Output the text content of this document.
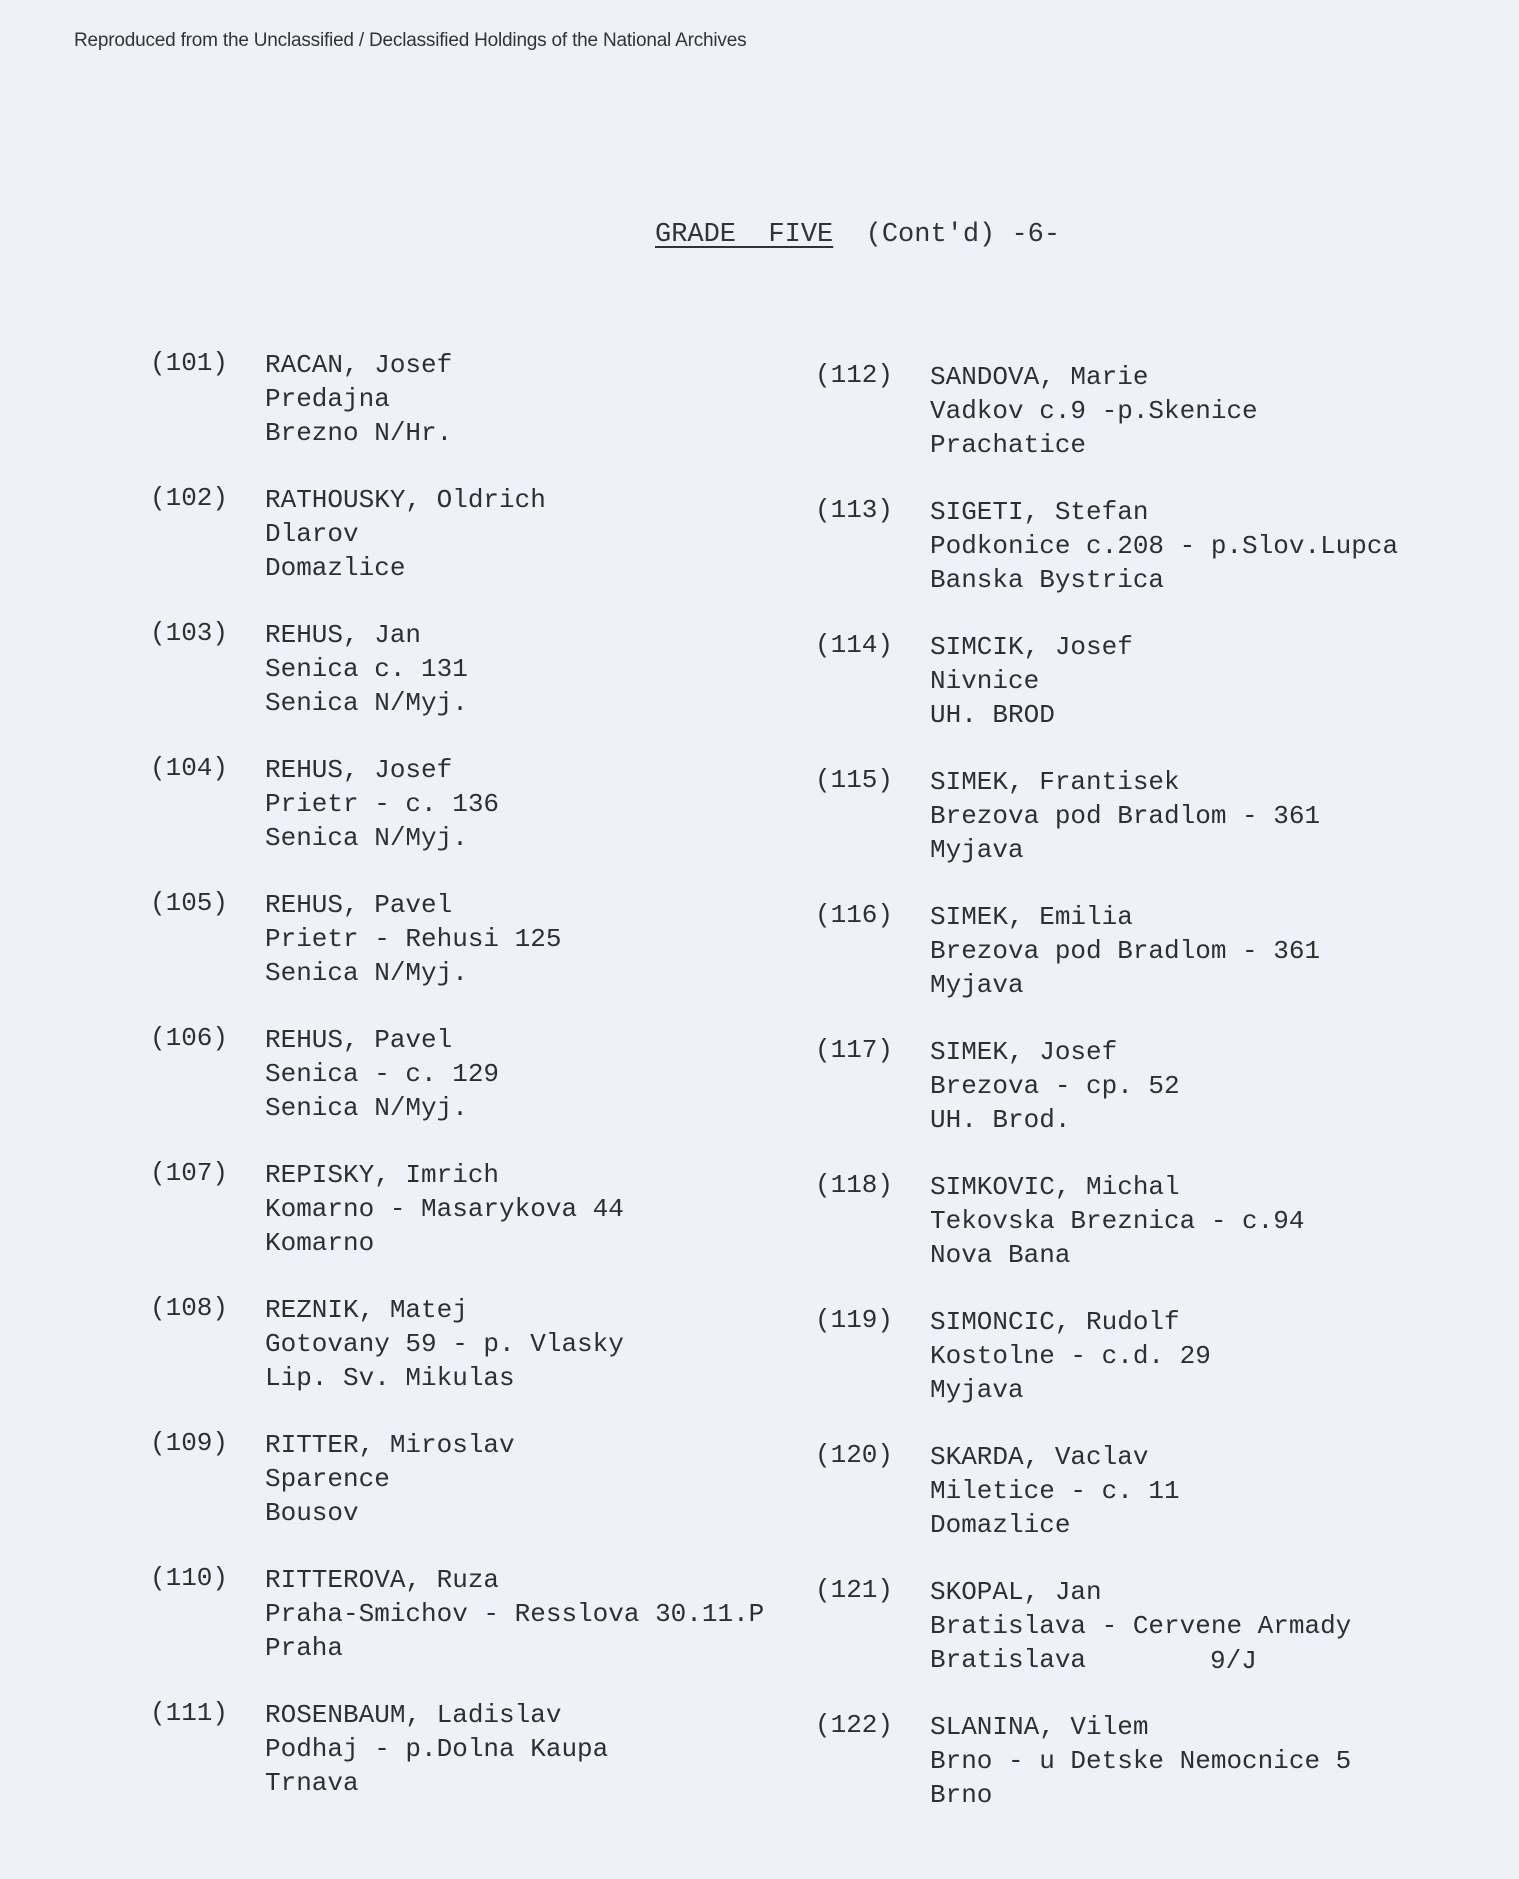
Reproduced from the Unclassified / Declassified Holdings of the National Archives
GRADE  FIVE  (Cont'd) -6-
(101) RACAN, Josef
Predajna
Brezno N/Hr.
(102) RATHOUSKY, Oldrich
Dlarov
Domazlice
(103) REHUS, Jan
Senica c. 131
Senica N/Myj.
(104) REHUS, Josef
Prietr - c. 136
Senica N/Myj.
(105) REHUS, Pavel
Prietr - Rehusi 125
Senica N/Myj.
(106) REHUS, Pavel
Senica - c. 129
Senica N/Myj.
(107) REPISKY, Imrich
Komarno - Masarykova 44
Komarno
(108) REZNIK, Matej
Gotovany 59 - p. Vlasky
Lip. Sv. Mikulas
(109) RITTER, Miroslav
Sparence
Bousov
(110) RITTEROVA, Ruza
Praha-Smichov - Resslova 30.11.P
Praha
(111) ROSENBAUM, Ladislav
Podhaj - p.Dolna Kaupa
Trnava
(112) SANDOVA, Marie
Vadkov c.9 -p.Skenice
Prachatice
(113) SIGETI, Stefan
Podkonice c.208 - p.Slov.Lupca
Banska Bystrica
(114) SIMCIK, Josef
Nivnice
UH. BROD
(115) SIMEK, Frantisek
Brezova pod Bradlom - 361
Myjava
(116) SIMEK, Emilia
Brezova pod Bradlom - 361
Myjava
(117) SIMEK, Josef
Brezova - cp. 52
UH. Brod.
(118) SIMKOVIC, Michal
Tekovska Breznica - c.94
Nova Bana
(119) SIMONCIC, Rudolf
Kostolne - c.d. 29
Myjava
(120) SKARDA, Vaclav
Miletice - c. 11
Domazlice
(121) SKOPAL, Jan
Bratislava - Cervene Armady
Bratislava
(122) SLANINA, Vilem
Brno - u Detske Nemocnice 5
Brno
9/J
